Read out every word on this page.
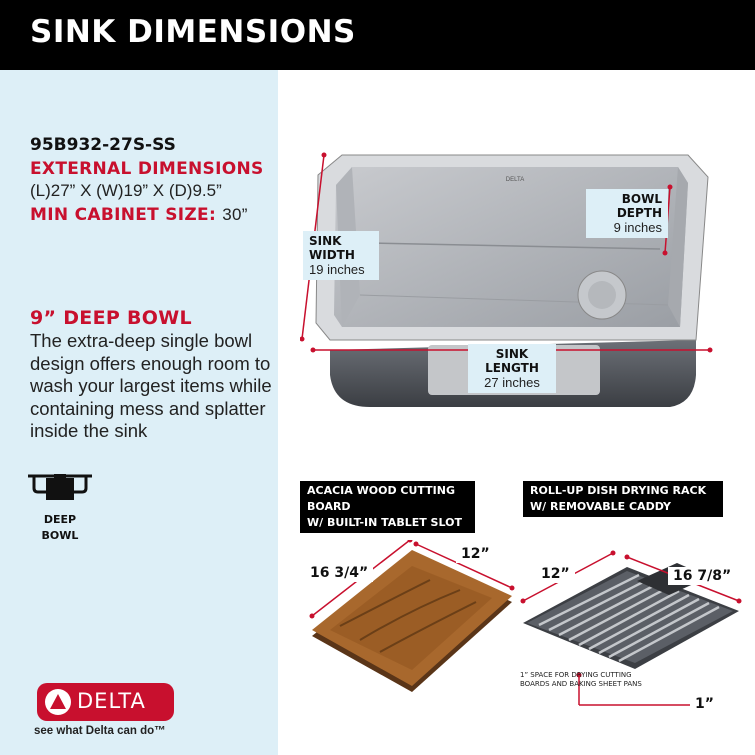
SINK DIMENSIONS
95B932-27S-SS
EXTERNAL DIMENSIONS
(L)27” X (W)19” X (D)9.5”
MIN CABINET SIZE: 30”
9” DEEP BOWL
The extra-deep single bowl design offers enough room to wash your largest items while containing mess and splatter inside the sink
DEEP BOWL
DELTA
see what Delta can do™
DELTA
SINK WIDTH
19 inches
BOWL DEPTH
9 inches
SINK LENGTH
27 inches
ACACIA WOOD CUTTING BOARD
W/ BUILT-IN TABLET SLOT
16 3/4”
12”
ROLL-UP DISH DRYING RACK
W/ REMOVABLE CADDY
12”	16 7/8”
1” SPACE FOR DRYING CUTTING BOARDS AND BAKING SHEET PANS
1”
